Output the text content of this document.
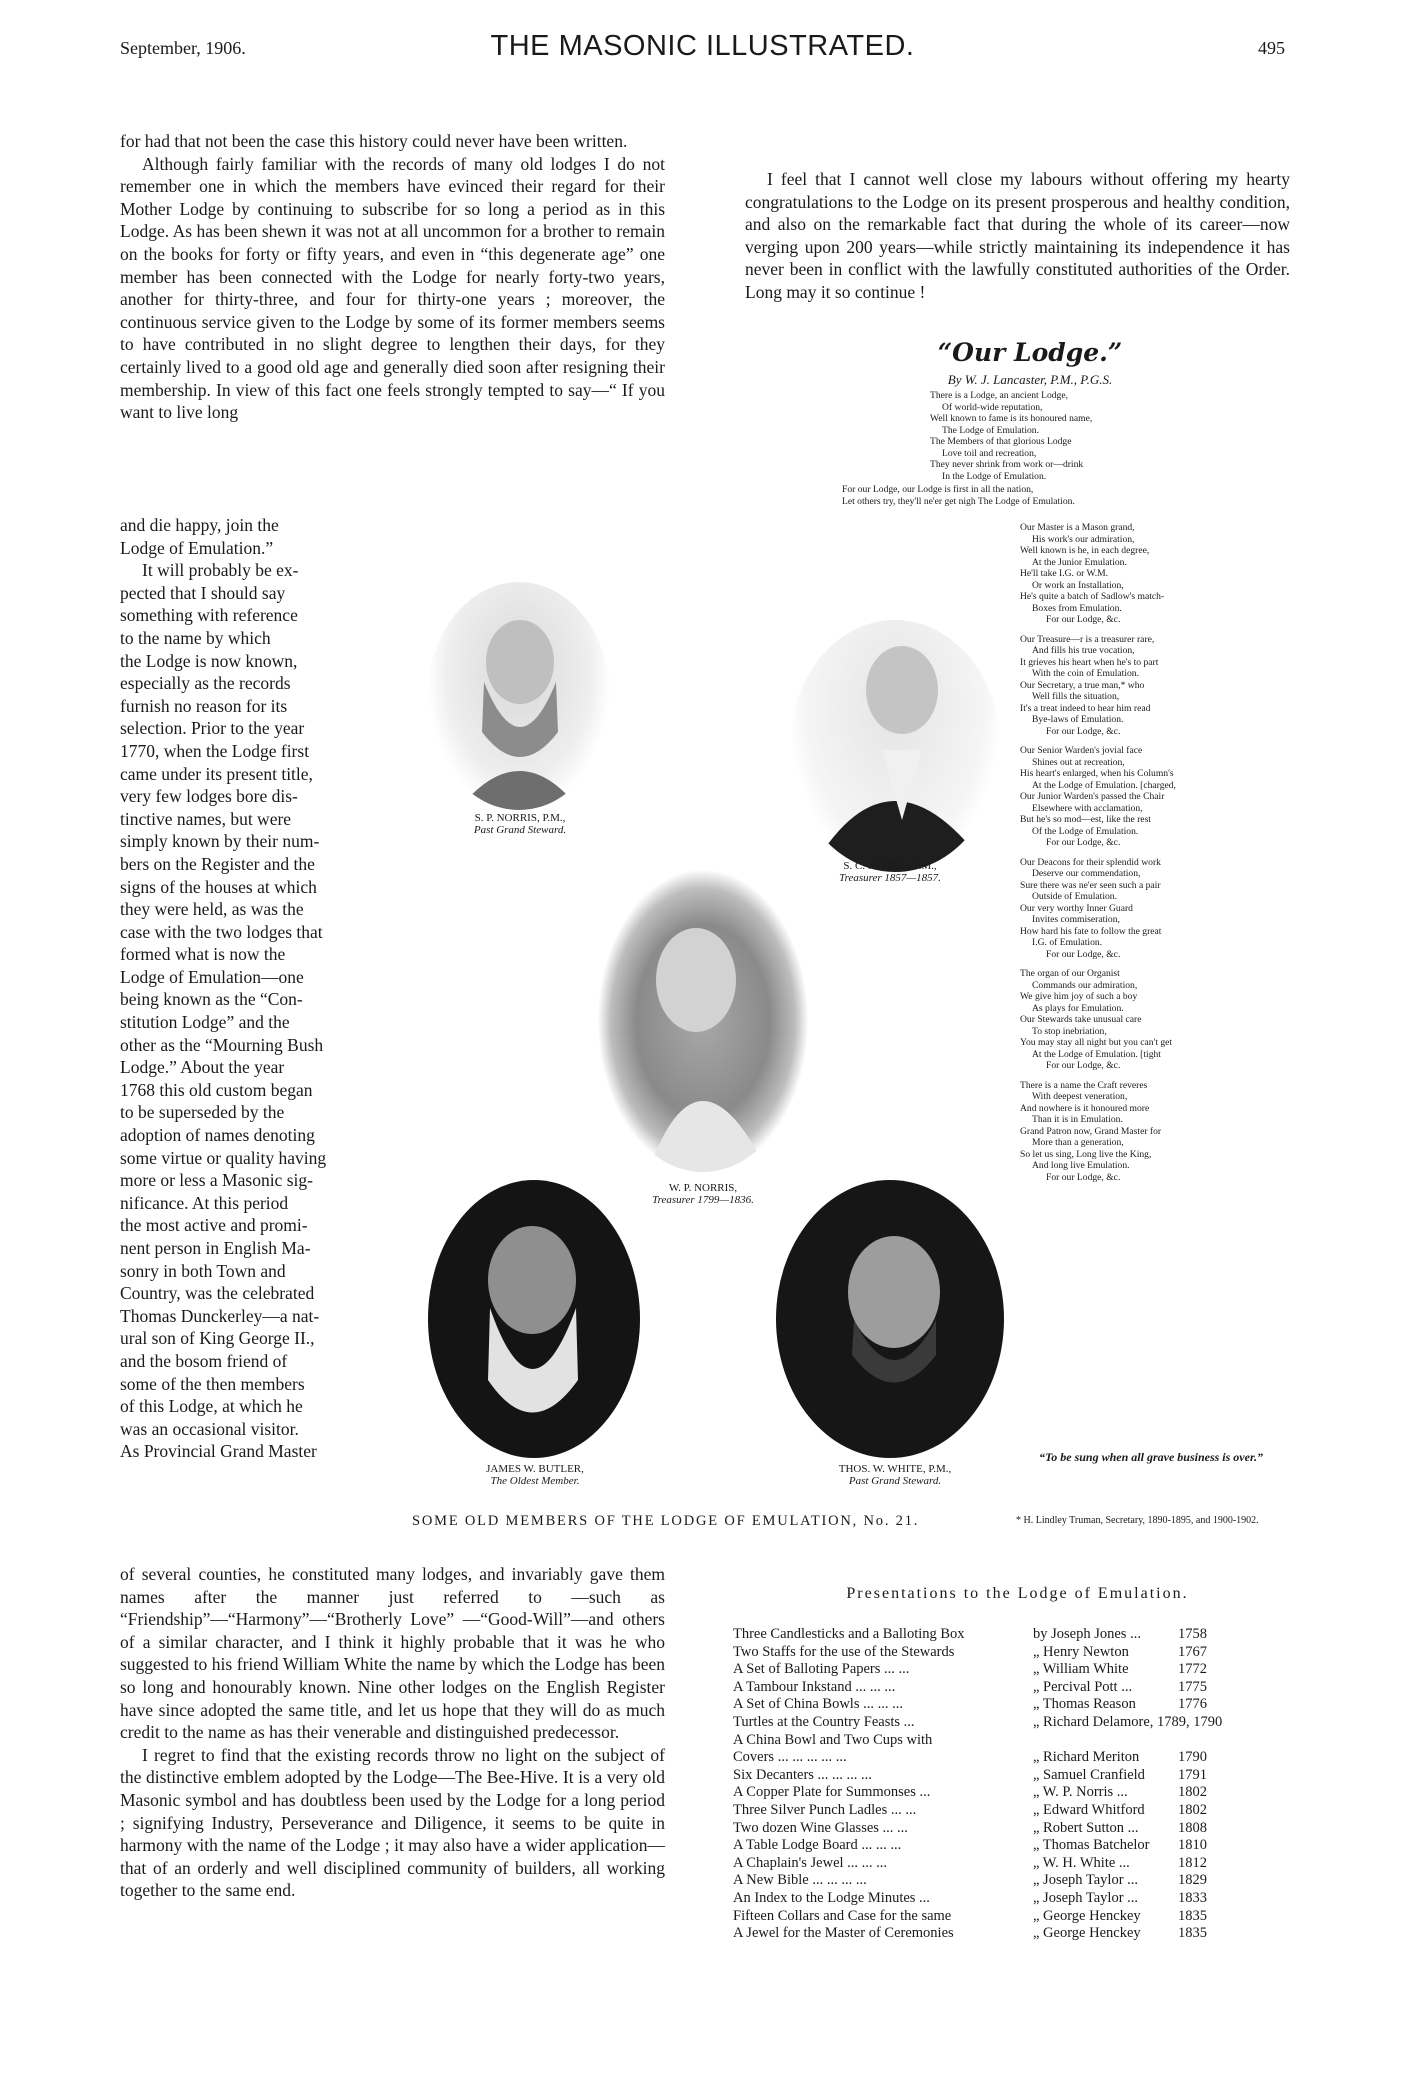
September, 1906.	THE MASONIC ILLUSTRATED.	495

for had that not been the case this history could never have been written.

Although fairly familiar with the records of many old lodges I do not remember one in which the members have evinced their regard for their Mother Lodge by continuing to subscribe for so long a period as in this Lodge. As has been shewn it was not at all uncommon for a brother to remain on the books for forty or fifty years, and even in “this degenerate age” one member has been connected with the Lodge for nearly forty-two years, another for thirty-three, and four for thirty-one years ; moreover, the continuous service given to the Lodge by some of its former members seems to have contributed in no slight degree to lengthen their days, for they certainly lived to a good old age and generally died soon after resigning their membership. In view of this fact one feels strongly tempted to say—“ If you want to live long

and die happy, join the
Lodge of Emulation.”
It will probably be ex-
pected that I should say
something with reference
to the name by which
the Lodge is now known,
especially as the records
furnish no reason for its
selection. Prior to the year
1770, when the Lodge first
came under its present title,
very few lodges bore dis-
tinctive names, but were
simply known by their num-
bers on the Register and the
signs of the houses at which
they were held, as was the
case with the two lodges that
formed what is now the
Lodge of Emulation—one
being known as the “Con-
stitution Lodge” and the
other as the “Mourning Bush
Lodge.” About the year
1768 this old custom began
to be superseded by the
adoption of names denoting
some virtue or quality having
more or less a Masonic sig-
nificance. At this period
the most active and promi-
nent person in English Ma-
sonry in both Town and
Country, was the celebrated
Thomas Dunckerley—a nat-
ural son of King George II.,
and the bosom friend of
some of the then members
of this Lodge, at which he
was an occasional visitor.
As Provincial Grand Master

of several counties, he constituted many lodges, and invariably gave them names after the manner just referred to —such as “Friendship”—“Harmony”—“Brotherly Love” —“Good-Will”—and others of a similar character, and I think it highly probable that it was he who suggested to his friend William White the name by which the Lodge has been so long and honourably known. Nine other lodges on the English Register have since adopted the same title, and let us hope that they will do as much credit to the name as has their venerable and distinguished predecessor.

I regret to find that the existing records throw no light on the subject of the distinctive emblem adopted by the Lodge—The Bee-Hive. It is a very old Masonic symbol and has doubtless been used by the Lodge for a long period ; signifying Industry, Perseverance and Diligence, it seems to be quite in harmony with the name of the Lodge ; it may also have a wider application—that of an orderly and well disciplined community of builders, all working together to the same end.

I feel that I cannot well close my labours without offering my hearty congratulations to the Lodge on its present prosperous and healthy condition, and also on the remarkable fact that during the whole of its career—now verging upon 200 years—while strictly maintaining its independence it has never been in conflict with the lawfully constituted authorities of the Order. Long may it so continue !

“Our Lodge.”
By W. J. Lancaster, P.M., P.G.S.
There is a Lodge, an ancient Lodge,
Of world-wide reputation,
Well known to fame is its honoured name,
The Lodge of Emulation.
The Members of that glorious Lodge
Love toil and recreation,
They never shrink from work or—drink
In the Lodge of Emulation.
For our Lodge, our Lodge is first in all the nation,
Let others try, they'll ne'er get nigh The Lodge of Emulation.
Our Master is a Mason grand,
His work's our admiration,
Well known is he, in each degree,
At the Junior Emulation.
He'll take I.G. or W.M.
Or work an Installation,
He's quite a batch of Sadlow's match-
Boxes from Emulation.
For our Lodge, &c.
Our Treasure—r is a treasurer rare,
And fills his true vocation,
It grieves his heart when he's to part
With the coin of Emulation.
Our Secretary, a true man,* who
Well fills the situation,
It's a treat indeed to hear him read
Bye-laws of Emulation.
For our Lodge, &c.
Our Senior Warden's jovial face
Shines out at recreation,
His heart's enlarged, when his Column's
At the Lodge of Emulation. [charged,
Our Junior Warden's passed the Chair
Elsewhere with acclamation,
But he's so mod—est, like the rest
Of the Lodge of Emulation.
For our Lodge, &c.
Our Deacons for their splendid work
Deserve our commendation,
Sure there was ne'er seen such a pair
Outside of Emulation.
Our very worthy Inner Guard
Invites commiseration,
How hard his fate to follow the great
I.G. of Emulation.
For our Lodge, &c.
The organ of our Organist
Commands our admiration,
We give him joy of such a boy
As plays for Emulation.
Our Stewards take unusual care
To stop inebriation,
You may stay all night but you can't get
At the Lodge of Emulation. [tight
For our Lodge, &c.
There is a name the Craft reveres
With deepest veneration,
And nowhere is it honoured more
Than it is in Emulation.
Grand Patron now, Grand Master for
More than a generation,
So let us sing, Long live the King,
And long live Emulation.
For our Lodge, &c.
“To be sung when all grave business is over.”
* H. Lindley Truman, Secretary, 1890-1895, and 1900-1902.
S. P. NORRIS, P.M.,
Past Grand Steward.
S. C. NORRIS, P.M.,
Treasurer 1857—1857.
W. P. NORRIS,
Treasurer 1799—1836.
JAMES W. BUTLER,
The Oldest Member.
THOS. W. WHITE, P.M.,
Past Grand Steward.
SOME OLD MEMBERS OF THE LODGE OF EMULATION, No. 21.
Presentations to the Lodge of Emulation.
Three Candlesticks and a Balloting Box	by Joseph Jones ...	1758
Two Staffs for the use of the Stewards	„ Henry Newton	1767
A Set of Balloting Papers ... ...	„ William White	1772
A Tambour Inkstand ... ... ...	„ Percival Pott ...	1775
A Set of China Bowls ... ... ...	„ Thomas Reason	1776
Turtles at the Country Feasts ...	„ Richard Delamore, 1789, 1790
A China Bowl and Two Cups with
Covers ... ... ... ... ...	„ Richard Meriton	1790
Six Decanters ... ... ... ...	„ Samuel Cranfield 1791
A Copper Plate for Summonses ...	„ W. P. Norris ...	1802
Three Silver Punch Ladles ... ...	„ Edward Whitford 1802
Two dozen Wine Glasses ... ...	„ Robert Sutton ...	1808
A Table Lodge Board ... ... ...	„ Thomas Batchelor 1810
A Chaplain's Jewel ... ... ...	„ W. H. White ...	1812
A New Bible ... ... ... ...	„ Joseph Taylor ...	1829
An Index to the Lodge Minutes ...	„ Joseph Taylor ...	1833
Fifteen Collars and Case for the same	„ George Henckey	1835
A Jewel for the Master of Ceremonies	„ George Henckey	1835
